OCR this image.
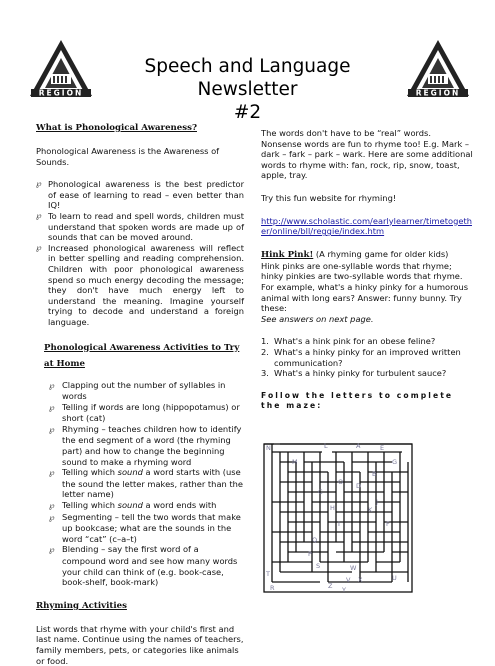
REGION	REGION
Speech and Language Newsletter
#2
What is Phonological Awareness?

Phonological Awareness is the Awareness of Sounds.

℘ Phonological awareness is the best predictor of ease of learning to read – even better than IQ!
℘ To learn to read and spell words, children must understand that spoken words are made up of sounds that can be moved around.
℘ Increased phonological awareness will reflect in better spelling and reading comprehension. Children with poor phonological awareness spend so much energy decoding the message; they don't have much energy left to understand the meaning. Imagine yourself trying to decode and understand a foreign language.
Phonological Awareness Activities to Try at Home
℘ Clapping out the number of syllables in words
℘ Telling if words are long (hippopotamus) or short (cat)
℘ Rhyming – teaches children how to identify the end segment of a word (the rhyming part) and how to change the beginning sound to make a rhyming word
℘ Telling which sound a word starts with (use the sound the letter makes, rather than the letter name)
℘ Telling which sound a word ends with
℘ Segmenting – tell the two words that make up bookcase; what are the sounds in the word “cat” (c–a–t)
℘ Blending – say the first word of a compound word and see how many words your child can think of (e.g. book-case, book-shelf, book-mark)
Rhyming Activities

List words that rhyme with your child's first and last name. Continue using the names of teachers, family members, pets, or categories like animals or food.

The words don't have to be “real” words. Nonsense words are fun to rhyme too! E.g. Mark – dark – fark – park – wark. Here are some additional words to rhyme with: fan, rock, rip, snow, toast, apple, tray.

Try this fun website for rhyming!

http://www.scholastic.com/earlylearner/timetogether/online/bll/reggie/index.htm

Hink Pink! (A rhyming game for older kids)

Hink pinks are one-syllable words that rhyme; hinky pinkies are two-syllable words that rhyme. For example, what's a hinky pinky for a humorous animal with long ears? Answer: funny bunny. Try these:

See answers on next page.

1. What's a hink pink for an obese feline?
2. What's a hinky pinky for an improved written communication?
3. What's a hinky pinky for turbulent sauce?
Follow the letters to complete the maze:
N	L	A	E
M	G
B
O D
C
J
H	K
I	F
Q
P
S	W
V X
T	U
R	Z Y
